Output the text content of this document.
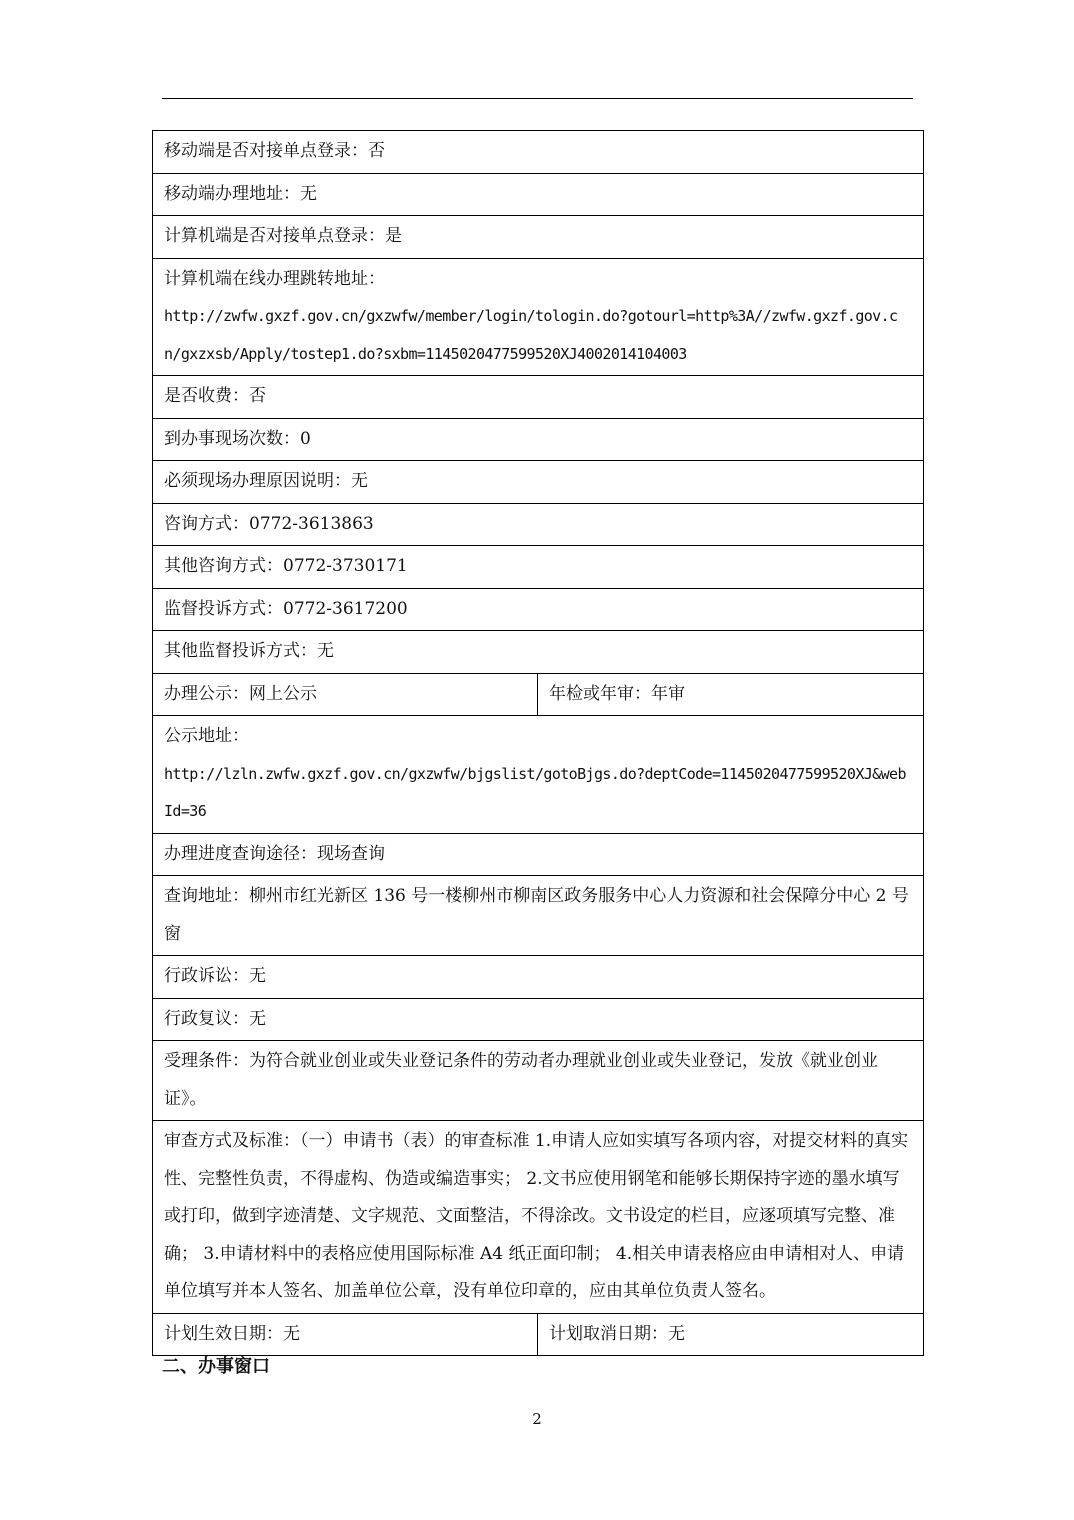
移动端是否对接单点登录：否	
移动端办理地址：无	
计算机端是否对接单点登录：是	
计算机端在线办理跳转地址：
http://zwfw.gxzf.gov.cn/gxzwfw/member/login/tologin.do?gotourl=http%3A//zwfw.gxzf.gov.cn/gxzxsb/Apply/tostep1.do?sxbm=1145020477599520XJ4002014104003	

是否收费：否	
到办事现场次数：0	
必须现场办理原因说明：无	
咨询方式：0772-3613863	
其他咨询方式：0772-3730171	
监督投诉方式：0772-3617200	
其他监督投诉方式：无	
办理公示：网上公示	年检或年审：年审
公示地址：
http://lzln.zwfw.gxzf.gov.cn/gxzwfw/bjgslist/gotoBjgs.do?deptCode=1145020477599520XJ&webId=36	

办理进度查询途径：现场查询	
查询地址：柳州市红光新区 136 号一楼柳州市柳南区政务服务中心人力资源和社会保障分中心 2 号窗	
行政诉讼：无	
行政复议：无	
受理条件：为符合就业创业或失业登记条件的劳动者办理就业创业或失业登记，发放《就业创业证》。	
审查方式及标准：（一）申请书（表）的审查标准 1.申请人应如实填写各项内容，对提交材料的真实性、完整性负责，不得虚构、伪造或编造事实； 2.文书应使用钢笔和能够长期保持字迹的墨水填写或打印，做到字迹清楚、文字规范、文面整洁，不得涂改。文书设定的栏目，应逐项填写完整、准确； 3.申请材料中的表格应使用国际标准 A4 纸正面印制； 4.相关申请表格应由申请相对人、申请单位填写并本人签名、加盖单位公章，没有单位印章的，应由其单位负责人签名。	
计划生效日期：无	计划取消日期：无
二、办事窗口
2
